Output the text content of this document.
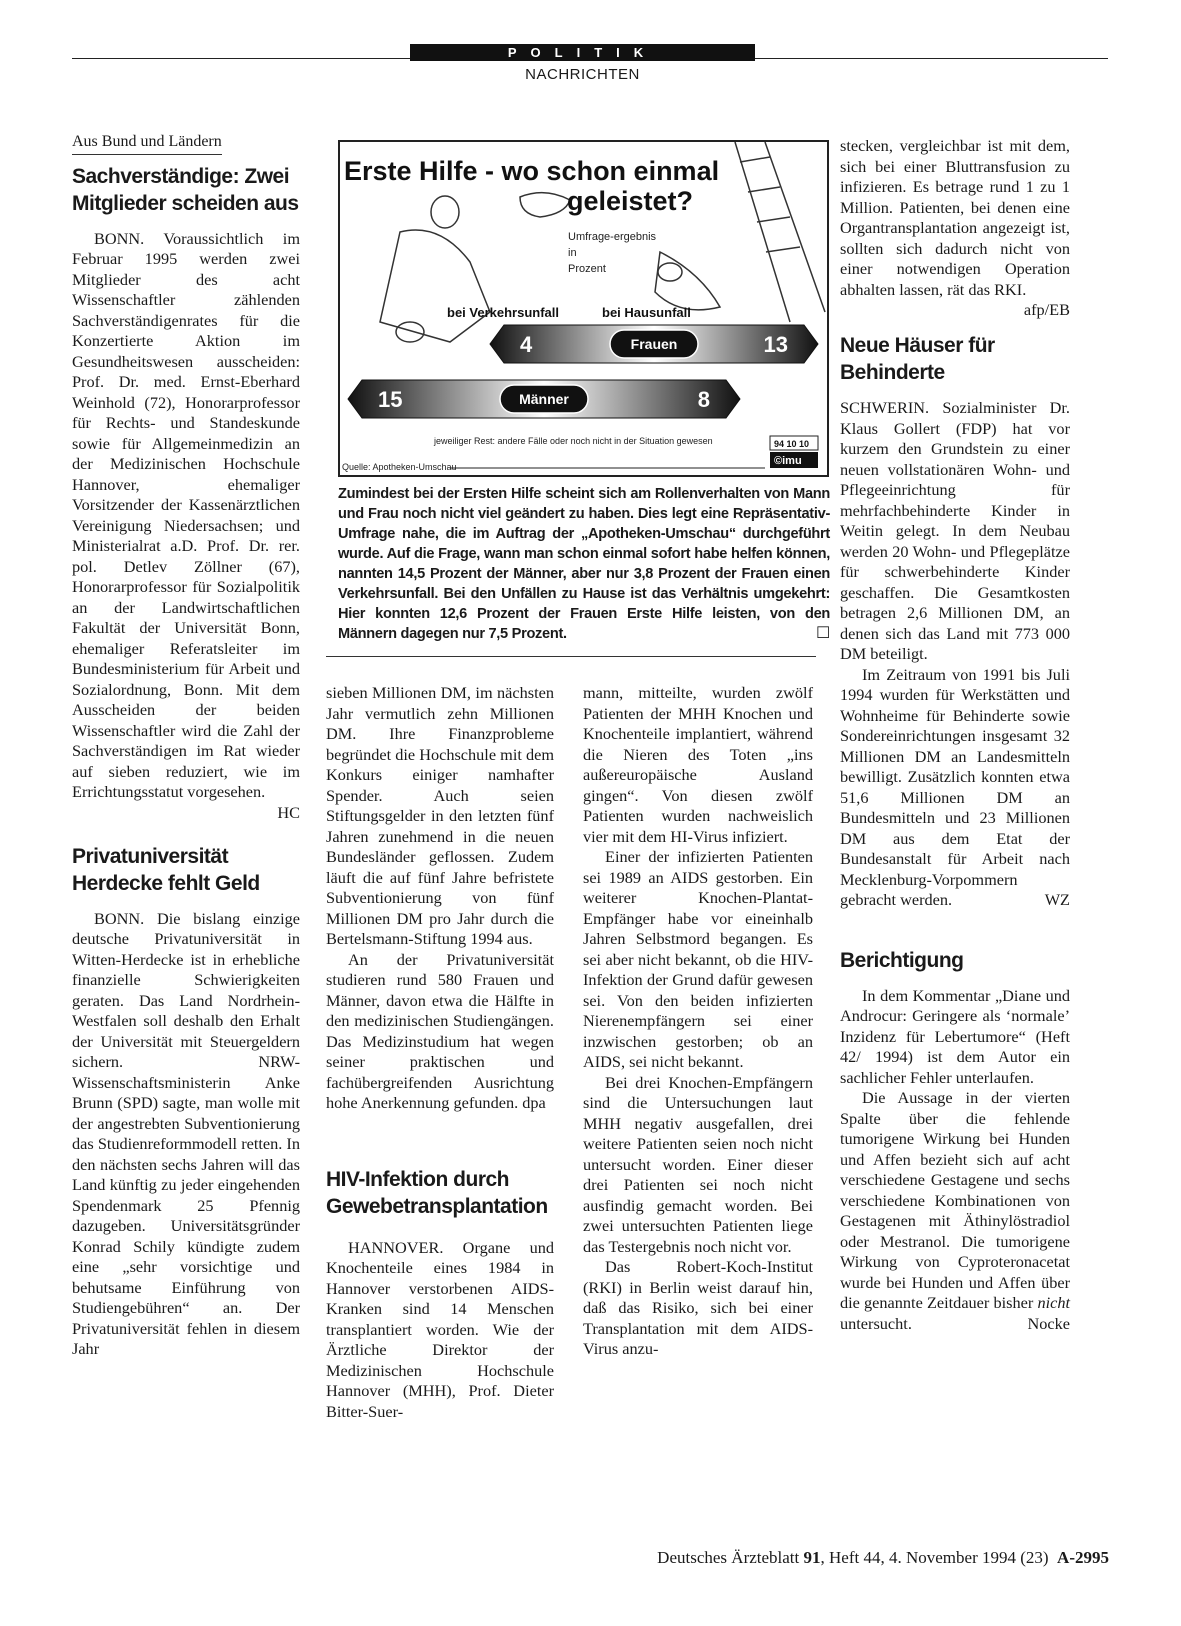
POLITIK
NACHRICHTEN
Aus Bund und Ländern
Sachverständige: Zwei Mitglieder scheiden aus

BONN. Voraussichtlich im Februar 1995 werden zwei Mitglieder des acht Wissenschaftler zählenden Sachverständigenrates für die Konzertierte Aktion im Gesundheitswesen ausscheiden: Prof. Dr. med. Ernst-Eberhard Weinhold (72), Honorarprofessor für Rechts- und Standeskunde sowie für Allgemeinmedizin an der Medizinischen Hochschule Hannover, ehemaliger Vorsitzender der Kassenärztlichen Vereinigung Niedersachsen; und Ministerialrat a.D. Prof. Dr. rer. pol. Detlev Zöllner (67), Honorarprofessor für Sozialpolitik an der Landwirtschaftlichen Fakultät der Universität Bonn, ehemaliger Referatsleiter im Bundesministerium für Arbeit und Sozialordnung, Bonn. Mit dem Ausscheiden der beiden Wissenschaftler wird die Zahl der Sachverständigen im Rat wieder auf sieben reduziert, wie im Errichtungsstatut vorgesehen.
HC

Privatuniversität Herdecke fehlt Geld

BONN. Die bislang einzige deutsche Privatuniversität in Witten-Herdecke ist in erhebliche finanzielle Schwierigkeiten geraten. Das Land Nordrhein-Westfalen soll deshalb den Erhalt der Universität mit Steuergeldern sichern. NRW-Wissenschaftsministerin Anke Brunn (SPD) sagte, man wolle mit der angestrebten Subventionierung das Studienreformmodell retten. In den nächsten sechs Jahren will das Land künftig zu jeder eingehenden Spendenmark 25 Pfennig dazugeben. Universitätsgründer Konrad Schily kündigte zudem eine „sehr vorsichtige und behutsame Einführung von Studiengebühren“ an. Der Privatuniversität fehlen in diesem Jahr

Erste Hilfe - wo schon einmal
geleistet?
Umfrage-ergebnis
in
Prozent
bei Verkehrsunfall	bei Hausunfall
Frauen
4	13
Männer
15	8
jeweiliger Rest: andere Fälle oder noch nicht in der Situation gewesen
Quelle: Apotheken-Umschau
94 10 10
©imu
Zumindest bei der Ersten Hilfe scheint sich am Rollenverhalten von Mann und Frau noch nicht viel geändert zu haben. Dies legt eine Repräsentativ-Umfrage nahe, die im Auftrag der „Apotheken-Umschau“ durchgeführt wurde. Auf die Frage, wann man schon einmal sofort habe helfen können, nannten 14,5 Prozent der Männer, aber nur 3,8 Prozent der Frauen einen Verkehrsunfall. Bei den Unfällen zu Hause ist das Verhältnis umgekehrt: Hier konnten 12,6 Prozent der Frauen Erste Hilfe leisten, von den Männern dagegen nur 7,5 Prozent.	☐

sieben Millionen DM, im nächsten Jahr vermutlich zehn Millionen DM. Ihre Finanzprobleme begründet die Hochschule mit dem Konkurs einiger namhafter Spender. Auch seien Stiftungsgelder in den letzten fünf Jahren zunehmend in die neuen Bundesländer geflossen. Zudem läuft die auf fünf Jahre befristete Subventionierung von fünf Millionen DM pro Jahr durch die Bertelsmann-Stiftung 1994 aus.

An der Privatuniversität studieren rund 580 Frauen und Männer, davon etwa die Hälfte in den medizinischen Studiengängen. Das Medizinstudium hat wegen seiner praktischen und fachübergreifenden Ausrichtung hohe Anerkennung gefunden. dpa

HIV-Infektion durch Gewebetransplantation

HANNOVER. Organe und Knochenteile eines 1984 in Hannover verstorbenen AIDS-Kranken sind 14 Menschen transplantiert worden. Wie der Ärztliche Direktor der Medizinischen Hochschule Hannover (MHH), Prof. Dieter Bitter-Suer-

mann, mitteilte, wurden zwölf Patienten der MHH Knochen und Knochenteile implantiert, während die Nieren des Toten „ins außereuropäische Ausland gingen“. Von diesen zwölf Patienten wurden nachweislich vier mit dem HI-Virus infiziert.

Einer der infizierten Patienten sei 1989 an AIDS gestorben. Ein weiterer Knochen-Plantat-Empfänger habe vor eineinhalb Jahren Selbstmord begangen. Es sei aber nicht bekannt, ob die HIV-Infektion der Grund dafür gewesen sei. Von den beiden infizierten Nierenempfängern sei einer inzwischen gestorben; ob an AIDS, sei nicht bekannt.

Bei drei Knochen-Empfängern sind die Untersuchungen laut MHH negativ ausgefallen, drei weitere Patienten seien noch nicht untersucht worden. Einer dieser drei Patienten sei noch nicht ausfindig gemacht worden. Bei zwei untersuchten Patienten liege das Testergebnis noch nicht vor.

Das Robert-Koch-Institut (RKI) in Berlin weist darauf hin, daß das Risiko, sich bei einer Transplantation mit dem AIDS-Virus anzu-

stecken, vergleichbar ist mit dem, sich bei einer Bluttransfusion zu infizieren. Es betrage rund 1 zu 1 Million. Patienten, bei denen eine Organtransplantation angezeigt ist, sollten sich dadurch nicht von einer notwendigen Operation abhalten lassen, rät das RKI.
afp/EB

Neue Häuser für Behinderte

SCHWERIN. Sozialminister Dr. Klaus Gollert (FDP) hat vor kurzem den Grundstein zu einer neuen vollstationären Wohn- und Pflegeeinrichtung für mehrfachbehinderte Kinder in Weitin gelegt. In dem Neubau werden 20 Wohn- und Pflegeplätze für schwerbehinderte Kinder geschaffen. Die Gesamtkosten betragen 2,6 Millionen DM, an denen sich das Land mit 773 000 DM beteiligt.

Im Zeitraum von 1991 bis Juli 1994 wurden für Werkstätten und Wohnheime für Behinderte sowie Sondereinrichtungen insgesamt 32 Millionen DM an Landesmitteln bewilligt. Zusätzlich konnten etwa 51,6 Millionen DM an Bundesmitteln und 23 Millionen DM aus dem Etat der Bundesanstalt für Arbeit nach Mecklenburg-Vorpommern gebracht werden.	WZ

Berichtigung

In dem Kommentar „Diane und Androcur: Geringere als ‘normale’ Inzidenz für Lebertumore“ (Heft 42/ 1994) ist dem Autor ein sachlicher Fehler unterlaufen.

Die Aussage in der vierten Spalte über die fehlende tumorigene Wirkung bei Hunden und Affen bezieht sich auf acht verschiedene Gestagene und sechs verschiedene Kombinationen von Gestagenen mit Äthinylöstradiol oder Mestranol. Die tumorigene Wirkung von Cyproteronacetat wurde bei Hunden und Affen über die genannte Zeitdauer bisher nicht untersucht.	Nocke

Deutsches Ärzteblatt 91, Heft 44, 4. November 1994 (23) A-2995
